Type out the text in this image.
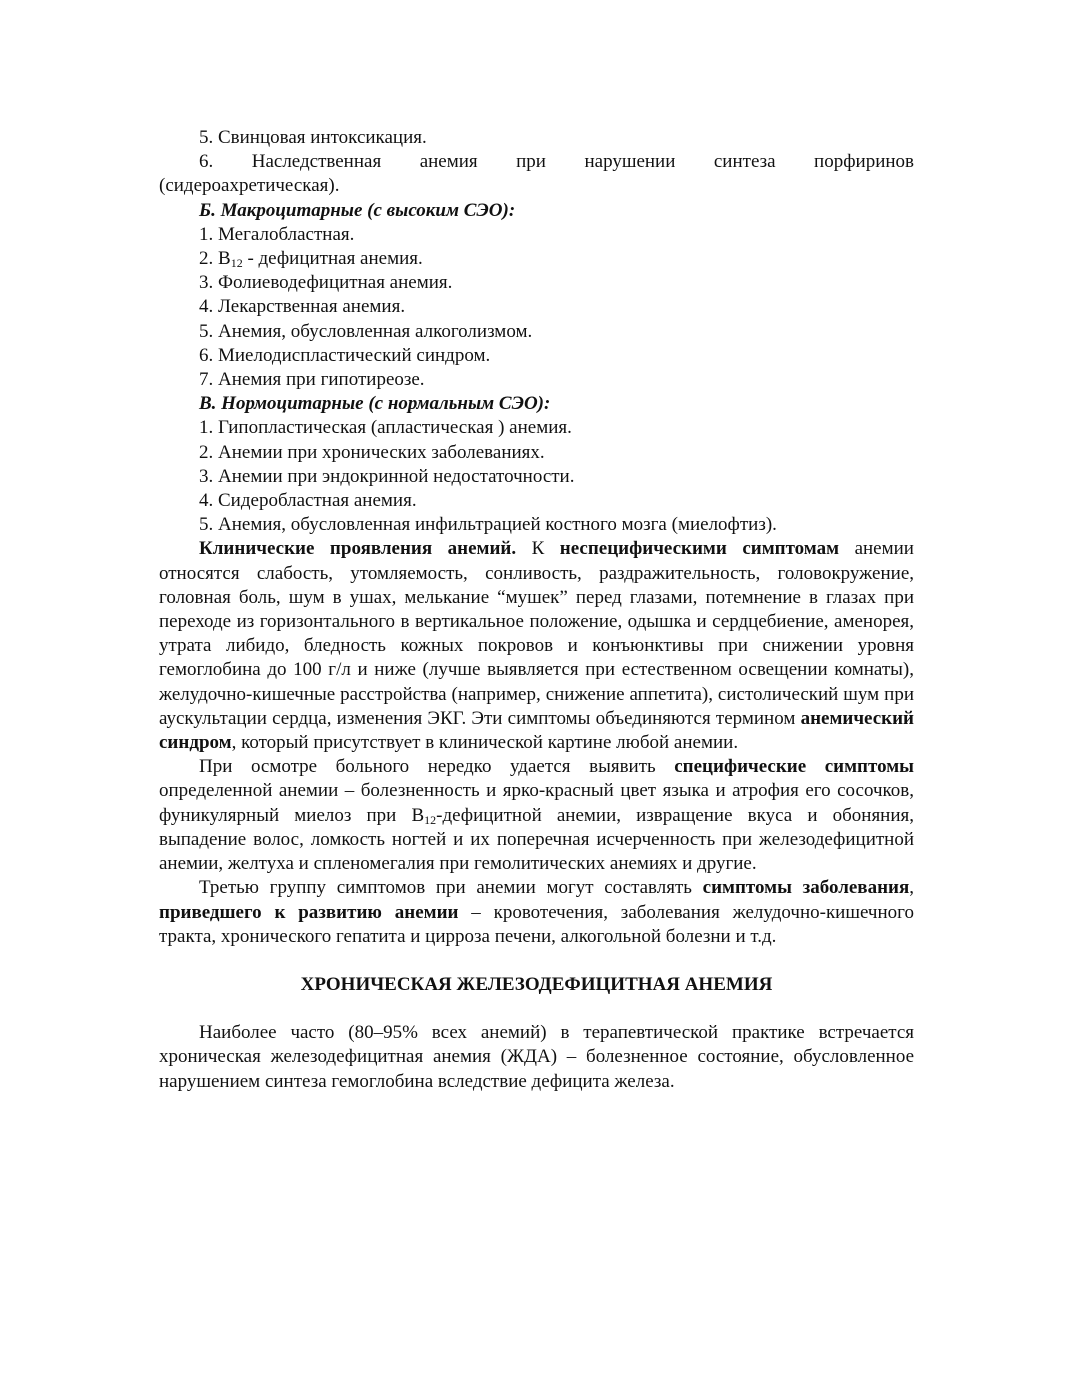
5. Свинцовая интоксикация.
6. Наследственная анемия при нарушении синтеза порфиринов
(сидероахретическая).
Б. Макроцитарные (с высоким СЭО):
1. Мегалобластная.
2. $B_{12}$ - дефицитная анемия.
3. Фолиеводефицитная анемия.
4. Лекарственная анемия.
5. Анемия, обусловленная алкоголизмом.
6. Миелодиспластический синдром.
7. Анемия при гипотиреозе.
В. Нормоцитарные (с нормальным СЭО):
1. Гипопластическая (апластическая ) анемия.
2. Анемии при хронических заболеваниях.
3. Анемии при эндокринной недостаточности.
4. Сидеробластная анемия.
5. Анемия, обусловленная инфильтрацией костного мозга (миелофтиз).
Клинические проявления анемий. К неспецифическими симптомам анемии относятся слабость, утомляемость, сонливость, раздражительность, головокружение, головная боль, шум в ушах, мелькание “мушек” перед глазами, потемнение в глазах при переходе из горизонтального в вертикальное положение, одышка и сердцебиение, аменорея, утрата либидо, бледность кожных покровов и конъюнктивы при снижении уровня гемоглобина до 100 г/л и ниже (лучше выявляется при естественном освещении комнаты), желудочно-кишечные расстройства (например, снижение аппетита), систолический шум при аускультации сердца, изменения ЭКГ. Эти симптомы объединяются термином анемический синдром, который присутствует в клинической картине любой анемии.
При осмотре больного нередко удается выявить специфические симптомы определенной анемии – болезненность и ярко-красный цвет языка и атрофия его сосочков, фуникулярный миелоз при $B_{12}$-дефицитной анемии, извращение вкуса и обоняния, выпадение волос, ломкость ногтей и их поперечная исчерченность при железодефицитной анемии, желтуха и спленомегалия при гемолитических анемиях и другие.
Третью группу симптомов при анемии могут составлять симптомы заболевания, приведшего к развитию анемии – кровотечения, заболевания желудочно-кишечного тракта, хронического гепатита и цирроза печени, алкогольной болезни и т.д.
ХРОНИЧЕСКАЯ ЖЕЛЕЗОДЕФИЦИТНАЯ АНЕМИЯ
Наиболее часто (80–95% всех анемий) в терапевтической практике встречается хроническая железодефицитная анемия (ЖДА) – болезненное состояние, обусловленное нарушением синтеза гемоглобина вследствие дефицита железа.
